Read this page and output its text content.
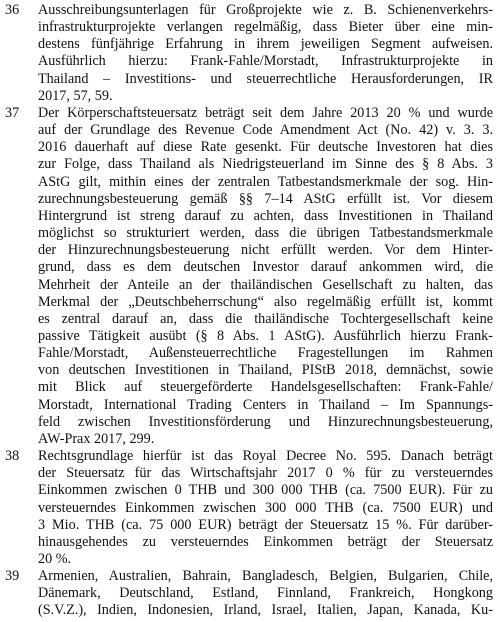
36	Ausschreibungsunterlagen für Großprojekte wie z. B. Schienenverkehrs-
infrastrukturprojekte verlangen regelmäßig, dass Bieter über eine min-
destens fünfjährige Erfahrung in ihrem jeweiligen Segment aufweisen.
Ausführlich hierzu: Frank-Fahle/Morstadt, Infrastrukturprojekte in
Thailand – Investitions- und steuerrechtliche Herausforderungen, IR
2017, 57, 59.
37	Der Körperschaftsteuersatz beträgt seit dem Jahre 2013 20 % und wurde
auf der Grundlage des Revenue Code Amendment Act (No. 42) v. 3. 3.
2016 dauerhaft auf diese Rate gesenkt. Für deutsche Investoren hat dies
zur Folge, dass Thailand als Niedrigsteuerland im Sinne des § 8 Abs. 3
AStG gilt, mithin eines der zentralen Tatbestandsmerkmale der sog. Hin-
zurechnungsbesteuerung gemäß §§ 7–14 AStG erfüllt ist. Vor diesem
Hintergrund ist streng darauf zu achten, dass Investitionen in Thailand
möglichst so strukturiert werden, dass die übrigen Tatbestandsmerkmale
der Hinzurechnungsbesteuerung nicht erfüllt werden. Vor dem Hinter-
grund, dass es dem deutschen Investor darauf ankommen wird, die
Mehrheit der Anteile an der thailändischen Gesellschaft zu halten, das
Merkmal der „Deutschbeherrschung“ also regelmäßig erfüllt ist, kommt
es zentral darauf an, dass die thailändische Tochtergesellschaft keine
passive Tätigkeit ausübt (§ 8 Abs. 1 AStG). Ausführlich hierzu Frank-
Fahle/Morstadt, Außensteuerrechtliche Fragestellungen im Rahmen
von deutschen Investitionen in Thailand, PIStB 2018, demnächst, sowie
mit Blick auf steuergeförderte Handelsgesellschaften: Frank-Fahle/
Morstadt, International Trading Centers in Thailand – Im Spannungs-
feld zwischen Investitionsförderung und Hinzurechnungsbesteuerung,
AW-Prax 2017, 299.
38	Rechtsgrundlage hierfür ist das Royal Decree No. 595. Danach beträgt
der Steuersatz für das Wirtschaftsjahr 2017 0 % für zu versteuerndes
Einkommen zwischen 0 THB und 300 000 THB (ca. 7500 EUR). Für zu
versteuerndes Einkommen zwischen 300 000 THB (ca. 7500 EUR) und
3 Mio. THB (ca. 75 000 EUR) beträgt der Steuersatz 15 %. Für darüber-
hinausgehendes zu versteuerndes Einkommen beträgt der Steuersatz
20 %.
39	Armenien, Australien, Bahrain, Bangladesch, Belgien, Bulgarien, Chile,
Dänemark, Deutschland, Estland, Finnland, Frankreich, Hongkong
(S.V.Z.), Indien, Indonesien, Irland, Israel, Italien, Japan, Kanada, Ku-
